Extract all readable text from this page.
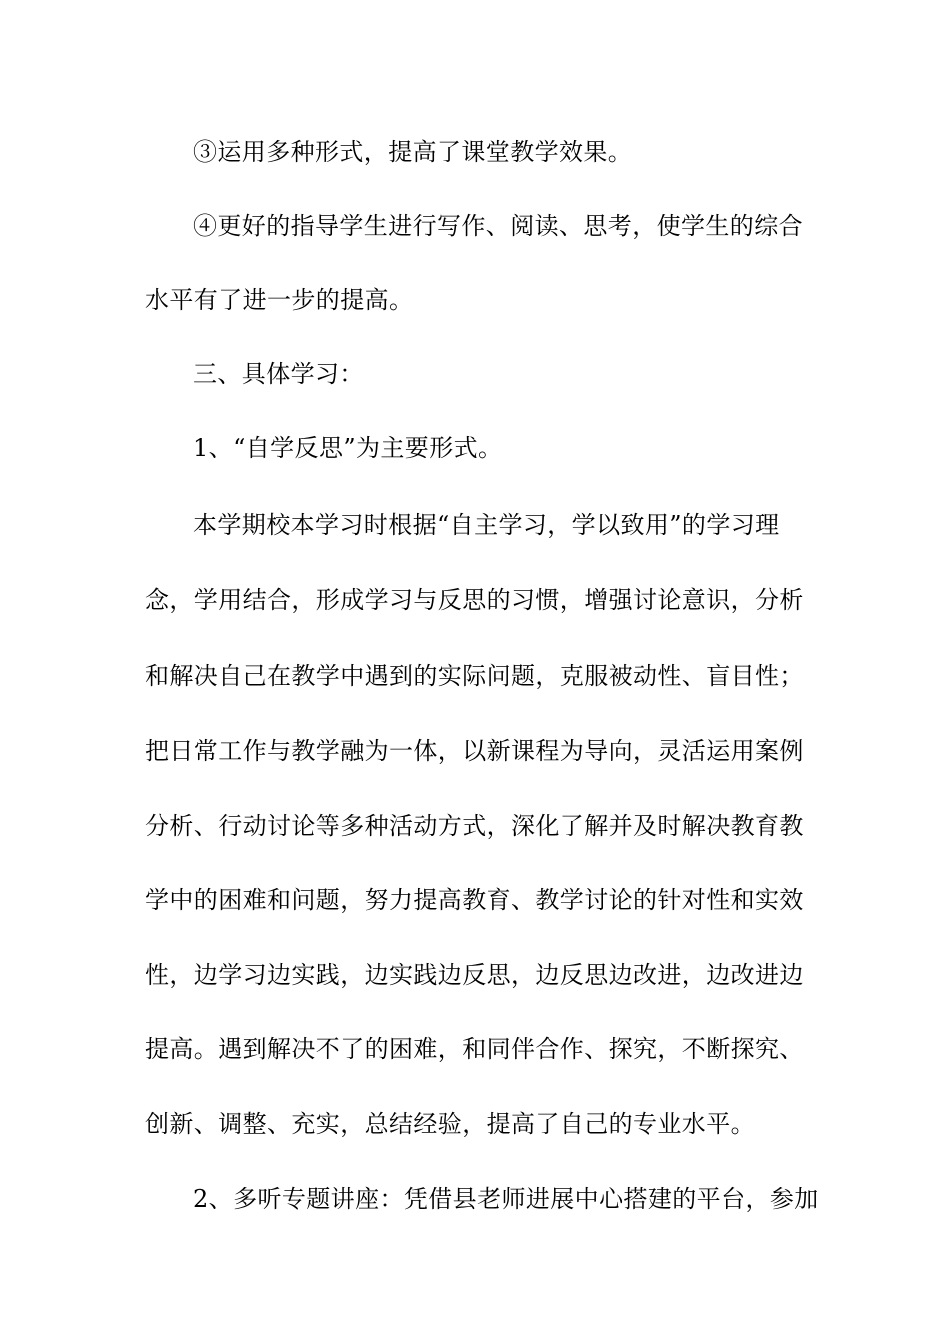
③运用多种形式，提高了课堂教学效果。
④更好的指导学生进行写作、阅读、思考，使学生的综合
水平有了进一步的提高。
三、具体学习：
1、“自学反思”为主要形式。
本学期校本学习时根据“自主学习，学以致用”的学习理
念，学用结合，形成学习与反思的习惯，增强讨论意识，分析
和解决自己在教学中遇到的实际问题，克服被动性、盲目性；
把日常工作与教学融为一体，以新课程为导向，灵活运用案例
分析、行动讨论等多种活动方式，深化了解并及时解决教育教
学中的困难和问题，努力提高教育、教学讨论的针对性和实效
性，边学习边实践，边实践边反思，边反思边改进，边改进边
提高。遇到解决不了的困难，和同伴合作、探究，不断探究、
创新、调整、充实，总结经验，提高了自己的专业水平。
2、多听专题讲座：凭借县老师进展中心搭建的平台，参加
